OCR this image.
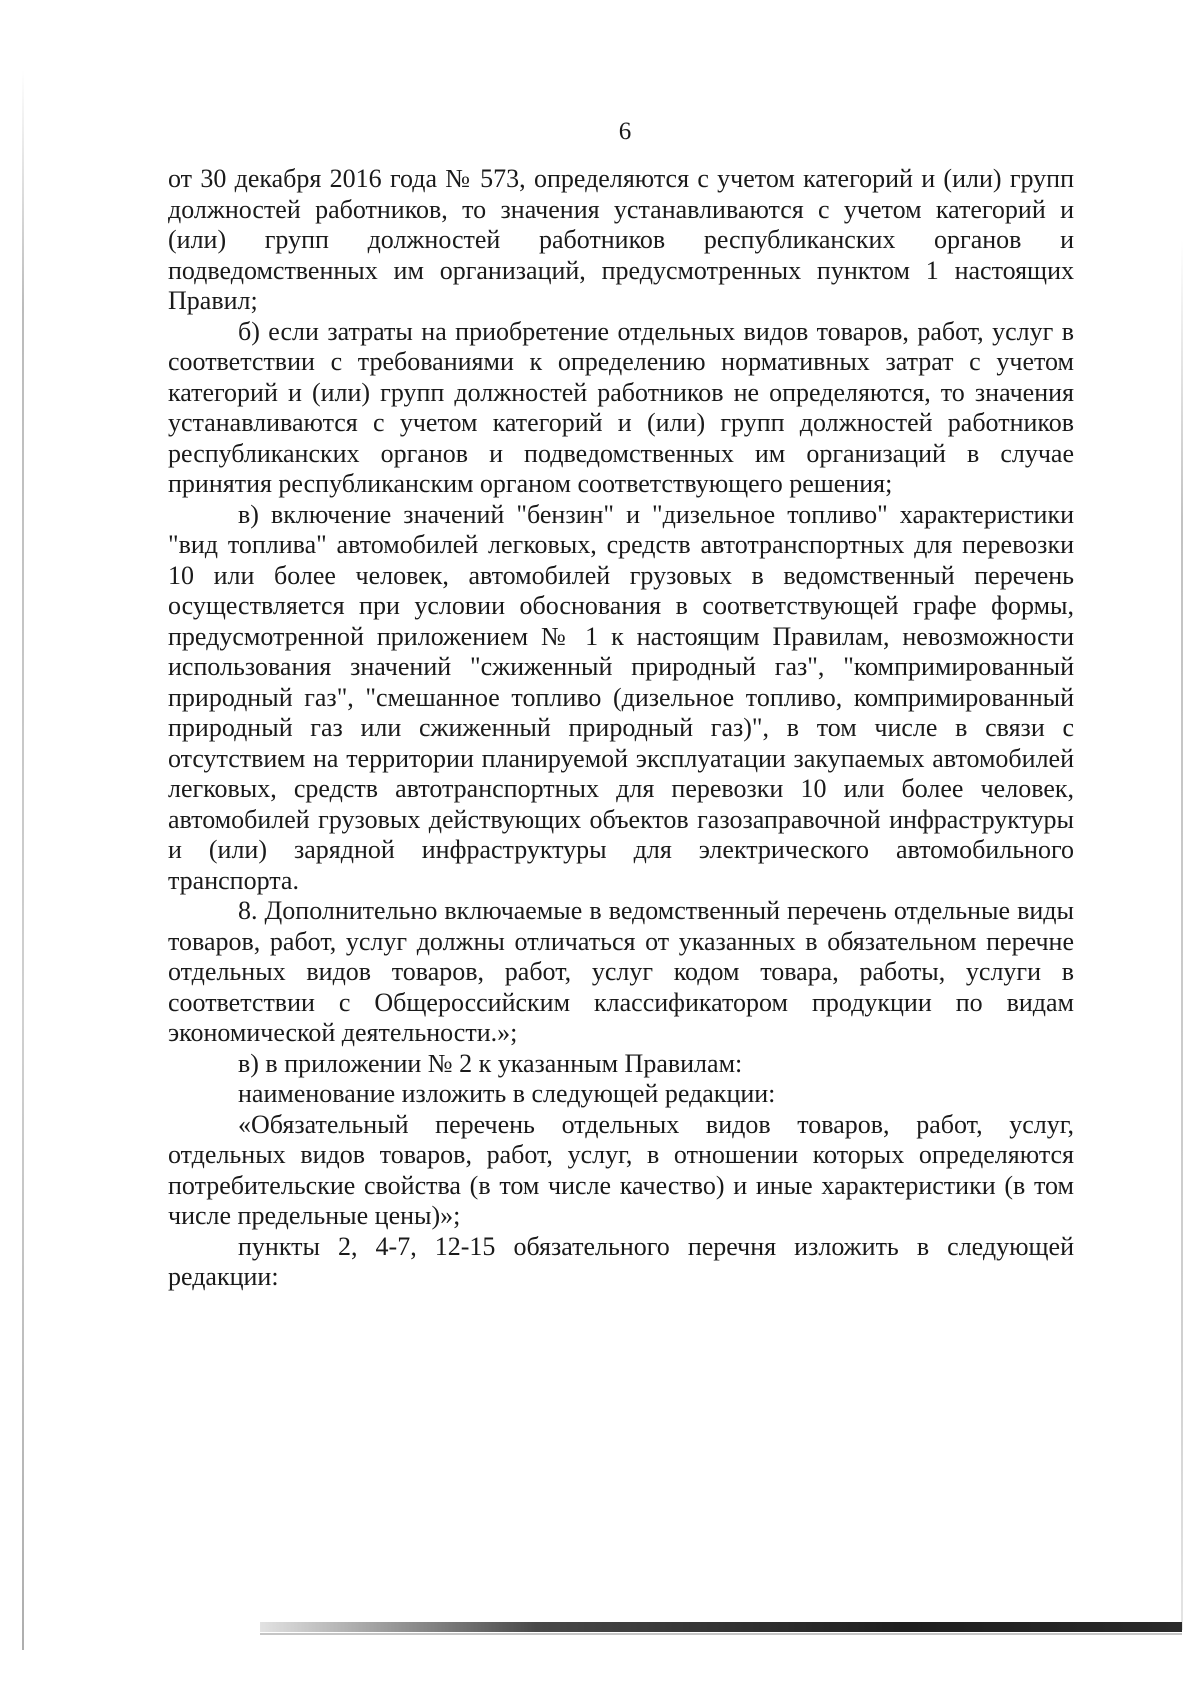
6

от 30 декабря 2016 года № 573, определяются с учетом категорий и (или) групп должностей работников, то значения устанавливаются с учетом категорий и (или) групп должностей работников республиканских органов и подведомственных им организаций, предусмотренных пунктом 1 настоящих Правил;

б) если затраты на приобретение отдельных видов товаров, работ, услуг в соответствии с требованиями к определению нормативных затрат с учетом категорий и (или) групп должностей работников не определяются, то значения устанавливаются с учетом категорий и (или) групп должностей работников республиканских органов и подведомственных им организаций в случае принятия республиканским органом соответствующего решения;

в) включение значений "бензин" и "дизельное топливо" характеристики "вид топлива" автомобилей легковых, средств автотранспортных для перевозки 10 или более человек, автомобилей грузовых в ведомственный перечень осуществляется при условии обоснования в соответствующей графе формы, предусмотренной приложением № 1 к настоящим Правилам, невозможности использования значений "сжиженный природный газ", "компримированный природный газ", "смешанное топливо (дизельное топливо, компримированный природный газ или сжиженный природный газ)", в том числе в связи с отсутствием на территории планируемой эксплуатации закупаемых автомобилей легковых, средств автотранспортных для перевозки 10 или более человек, автомобилей грузовых действующих объектов газозаправочной инфраструктуры и (или) зарядной инфраструктуры для электрического автомобильного транспорта.

8. Дополнительно включаемые в ведомственный перечень отдельные виды товаров, работ, услуг должны отличаться от указанных в обязательном перечне отдельных видов товаров, работ, услуг кодом товара, работы, услуги в соответствии с Общероссийским классификатором продукции по видам экономической деятельности.»;

в) в приложении № 2 к указанным Правилам:

наименование изложить в следующей редакции:

«Обязательный перечень отдельных видов товаров, работ, услуг, отдельных видов товаров, работ, услуг, в отношении которых определяются потребительские свойства (в том числе качество) и иные характеристики (в том числе предельные цены)»;

пункты 2, 4-7, 12-15 обязательного перечня изложить в следующей редакции:
